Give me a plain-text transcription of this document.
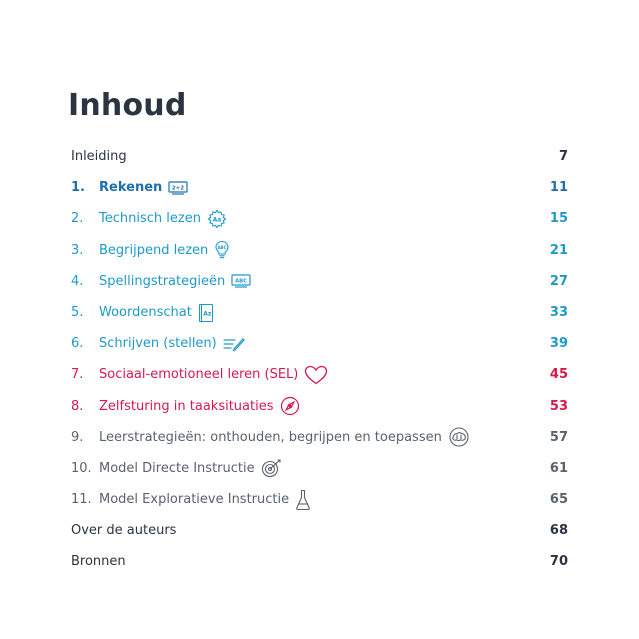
Inhoud
Inleiding	7
1.	Rekenen 2+2	11
2.	Technisch lezen Aa	15
3.	Begrijpend lezen ABC	21
4.	Spellingstrategieën ABC	27
5.	Woordenschat Az	33
6.	Schrijven (stellen)	39
7.	Sociaal-emotioneel leren (SEL)	45
8.	Zelfsturing in taaksituaties	53
9.	Leerstrategieën: onthouden, begrijpen en toepassen	57
10. Model Directe Instructie	61
11. Model Exploratieve Instructie	65
Over de auteurs	68
Bronnen	70
